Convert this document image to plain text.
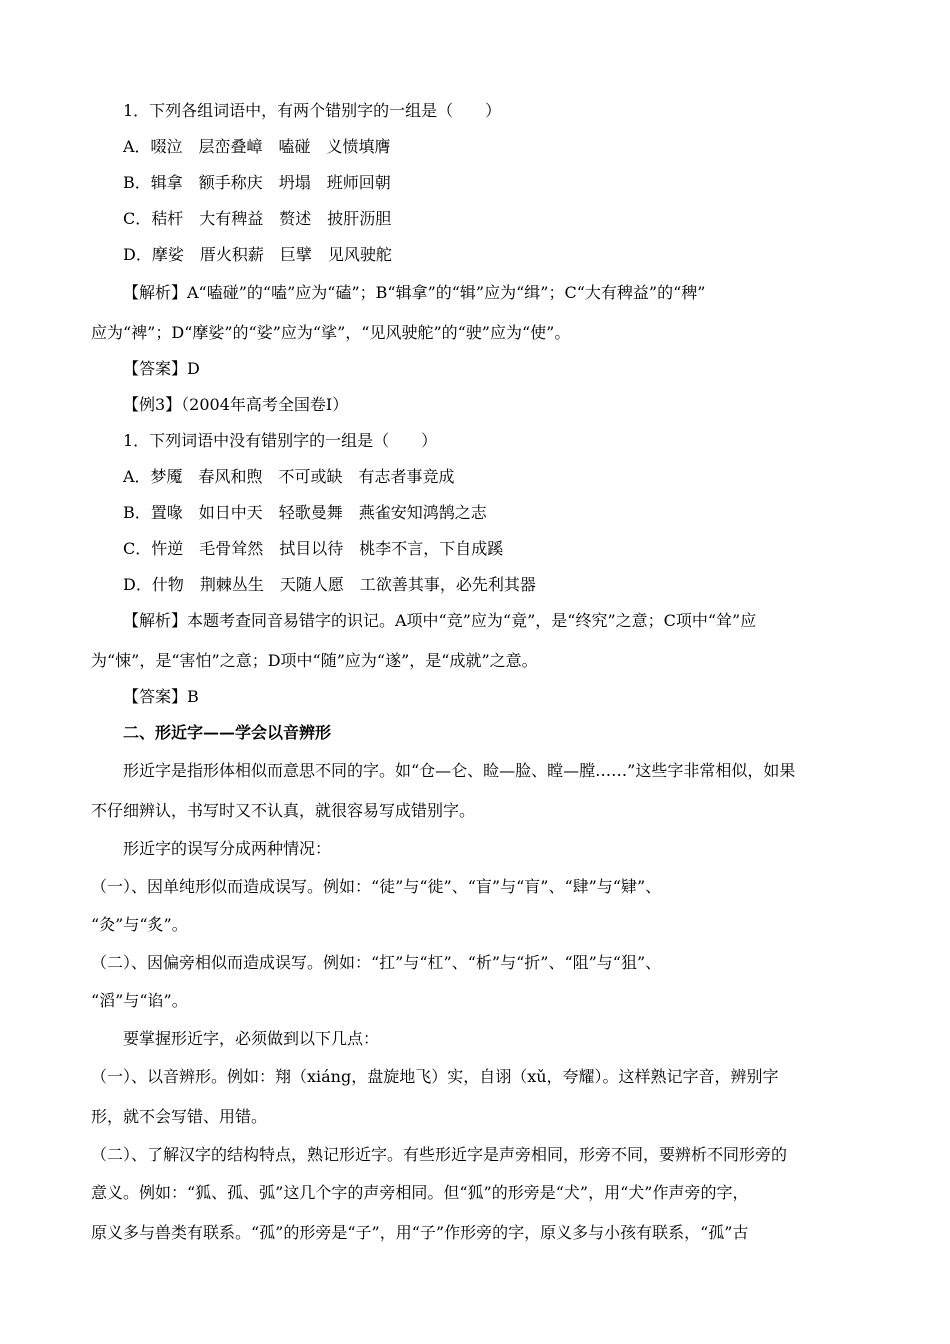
1．下列各组词语中，有两个错别字的一组是（　　）
A．啜泣　层峦叠嶂　嗑碰　义愤填膺
B．辑拿　额手称庆　坍塌　班师回朝
C．秸杆　大有稗益　赘述　披肝沥胆
D．摩娑　厝火积薪　巨擘　见风驶舵
【解析】A“嗑碰”的“嗑”应为“磕”；B“辑拿”的“辑”应为“缉”；C“大有稗益”的“稗”
应为“裨”；D“摩娑”的“娑”应为“挲”，“见风驶舵”的“驶”应为“使”。
【答案】D
【例3】（2004年高考全国卷Ⅰ）
1．下列词语中没有错别字的一组是（　　）
A．梦魇　春风和煦　不可或缺　有志者事竞成
B．置喙　如日中天　轻歌曼舞　燕雀安知鸿鹄之志
C．忤逆　毛骨耸然　拭目以待　桃李不言，下自成蹊
D．什物　荆棘丛生　天随人愿　工欲善其事，必先利其器
【解析】本题考查同音易错字的识记。A项中“竞”应为“竟”，是“终究”之意；C项中“耸”应
为“悚”，是“害怕”之意；D项中“随”应为“遂”，是“成就”之意。
【答案】B
二、形近字——学会以音辨形
形近字是指形体相似而意思不同的字。如“仓—仑、睑—脸、瞠—膛……”这些字非常相似，如果
不仔细辨认，书写时又不认真，就很容易写成错别字。
形近字的误写分成两种情况：
（一）、因单纯形似而造成误写。例如：“徒”与“徙”、“盲”与“肓”、“肆”与“肄”、
“灸”与“炙”。
（二）、因偏旁相似而造成误写。例如：“扛”与“杠”、“析”与“折”、“阻”与“狙”、
“滔”与“谄”。
要掌握形近字，必须做到以下几点：
（一）、以音辨形。例如：翔（xiáng，盘旋地飞）实，自诩（xǔ，夸耀）。这样熟记字音，辨别字
形，就不会写错、用错。
（二）、了解汉字的结构特点，熟记形近字。有些形近字是声旁相同，形旁不同，要辨析不同形旁的
意义。例如：“狐、孤、弧”这几个字的声旁相同。但“狐”的形旁是“犬”，用“犬”作声旁的字，
原义多与兽类有联系。“孤”的形旁是“子”，用“子”作形旁的字，原义多与小孩有联系，“孤”古
